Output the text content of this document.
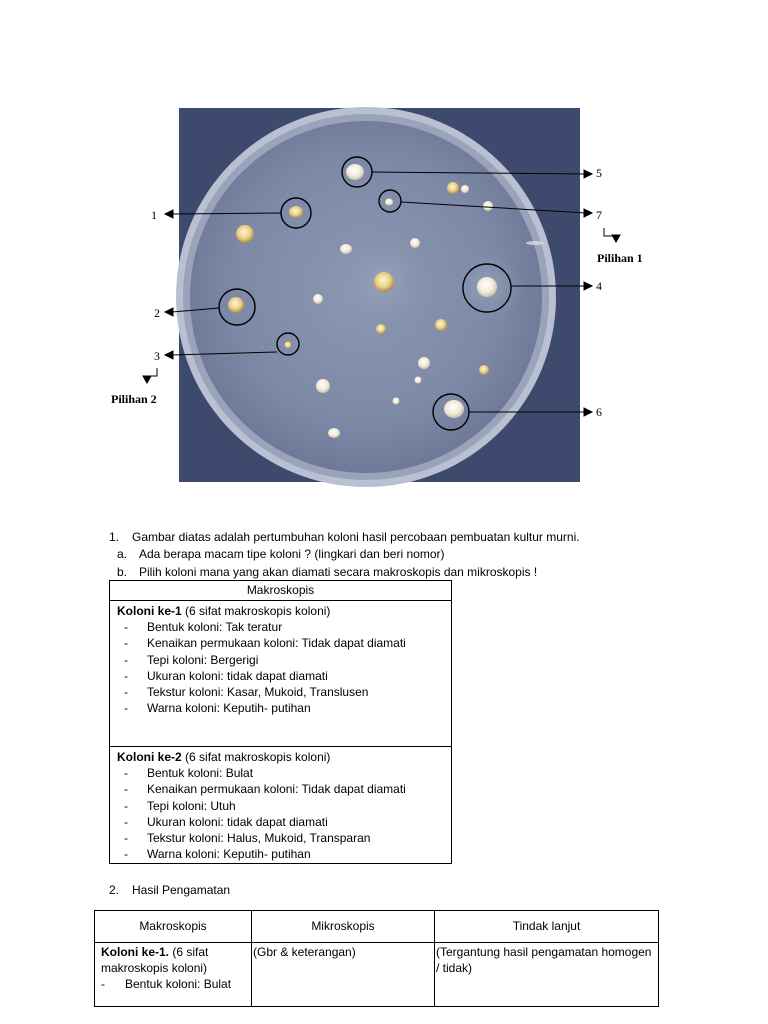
1
2
3
4
5
6
7
Pilihan 1
Pilihan 2
1. Gambar diatas adalah pertumbuhan koloni hasil percobaan pembuatan kultur murni.
a. Ada berapa macam tipe koloni ? (lingkari dan beri nomor)
b. Pilih koloni mana yang akan diamati secara makroskopis dan mikroskopis !
Makroskopis

Koloni ke-1 (6 sifat makroskopis koloni)
- Bentuk koloni: Tak teratur
- Kenaikan permukaan koloni: Tidak dapat diamati
- Tepi koloni: Bergerigi
- Ukuran koloni: tidak dapat diamati
- Tekstur koloni: Kasar, Mukoid, Translusen
- Warna koloni: Keputih- putihan

Koloni ke-2 (6 sifat makroskopis koloni)
- Bentuk koloni: Bulat
- Kenaikan permukaan koloni: Tidak dapat diamati
- Tepi koloni: Utuh
- Ukuran koloni: tidak dapat diamati
- Tekstur koloni: Halus, Mukoid, Transparan
- Warna koloni: Keputih- putihan
2. Hasil Pengamatan
Makroskopis	Mikroskopis	Tindak lanjut

Koloni ke-1. (6 sifat makroskopis koloni)
- Bentuk koloni: Bulat	(Gbr & keterangan)	(Tergantung hasil pengamatan homogen / tidak)
